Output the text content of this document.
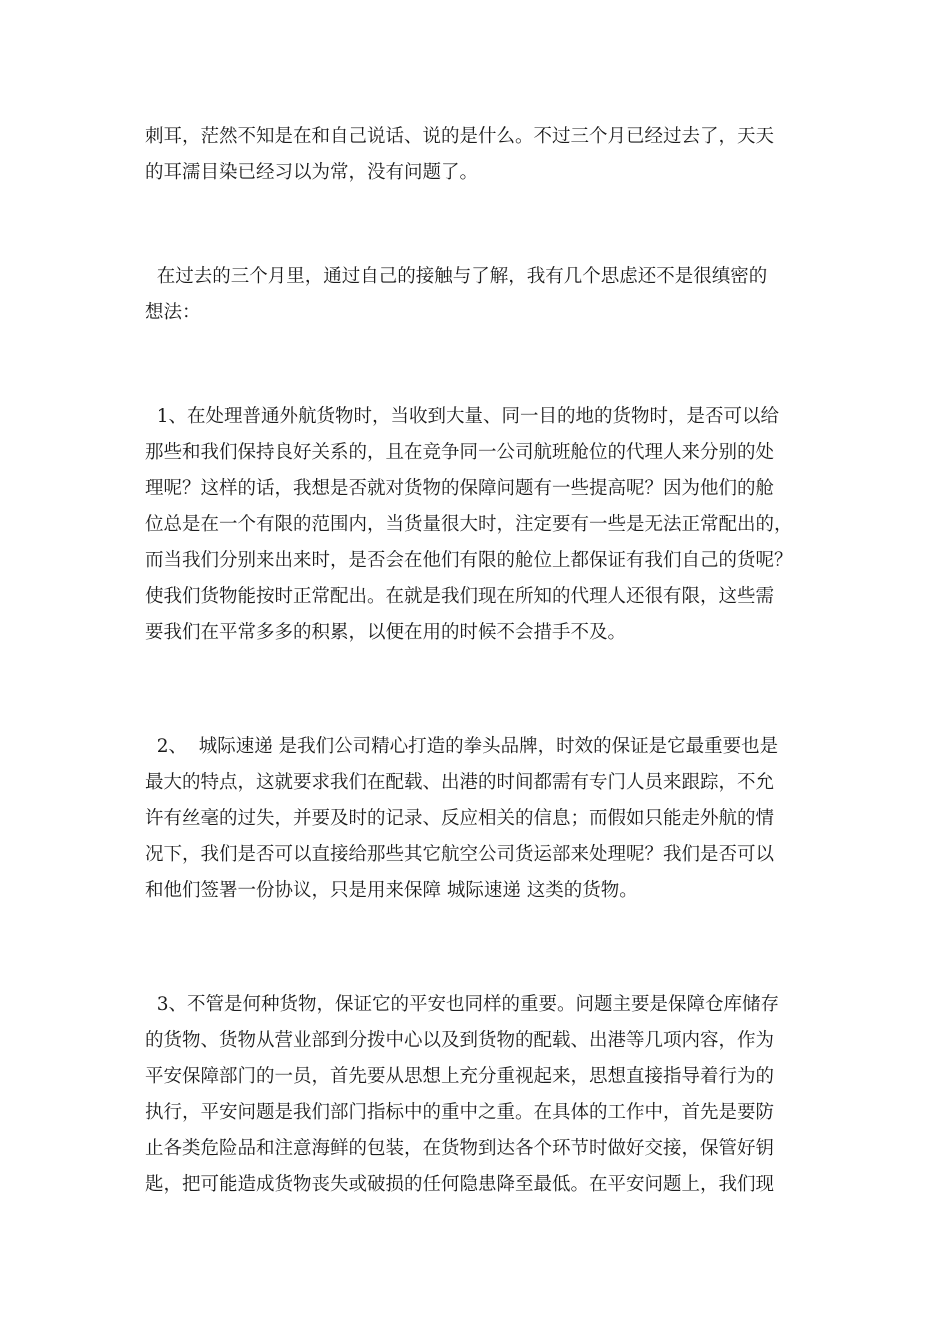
刺耳，茫然不知是在和自己说话、说的是什么。不过三个月已经过去了，天天
的耳濡目染已经习以为常，没有问题了。
在过去的三个月里，通过自己的接触与了解，我有几个思虑还不是很缜密的
想法：
1、在处理普通外航货物时，当收到大量、同一目的地的货物时，是否可以给
那些和我们保持良好关系的，且在竞争同一公司航班舱位的代理人来分别的处
理呢？这样的话，我想是否就对货物的保障问题有一些提高呢？因为他们的舱
位总是在一个有限的范围内，当货量很大时，注定要有一些是无法正常配出的，
而当我们分别来出来时，是否会在他们有限的舱位上都保证有我们自己的货呢？
使我们货物能按时正常配出。在就是我们现在所知的代理人还很有限，这些需
要我们在平常多多的积累，以便在用的时候不会措手不及。
2、  城际速递 是我们公司精心打造的拳头品牌，时效的保证是它最重要也是
最大的特点，这就要求我们在配载、出港的时间都需有专门人员来跟踪，不允
许有丝毫的过失，并要及时的记录、反应相关的信息；而假如只能走外航的情
况下，我们是否可以直接给那些其它航空公司货运部来处理呢？我们是否可以
和他们签署一份协议，只是用来保障 城际速递 这类的货物。
3、不管是何种货物，保证它的平安也同样的重要。问题主要是保障仓库储存
的货物、货物从营业部到分拨中心以及到货物的配载、出港等几项内容，作为
平安保障部门的一员，首先要从思想上充分重视起来，思想直接指导着行为的
执行，平安问题是我们部门指标中的重中之重。在具体的工作中，首先是要防
止各类危险品和注意海鲜的包装，在货物到达各个环节时做好交接，保管好钥
匙，把可能造成货物丧失或破损的任何隐患降至最低。在平安问题上，我们现
